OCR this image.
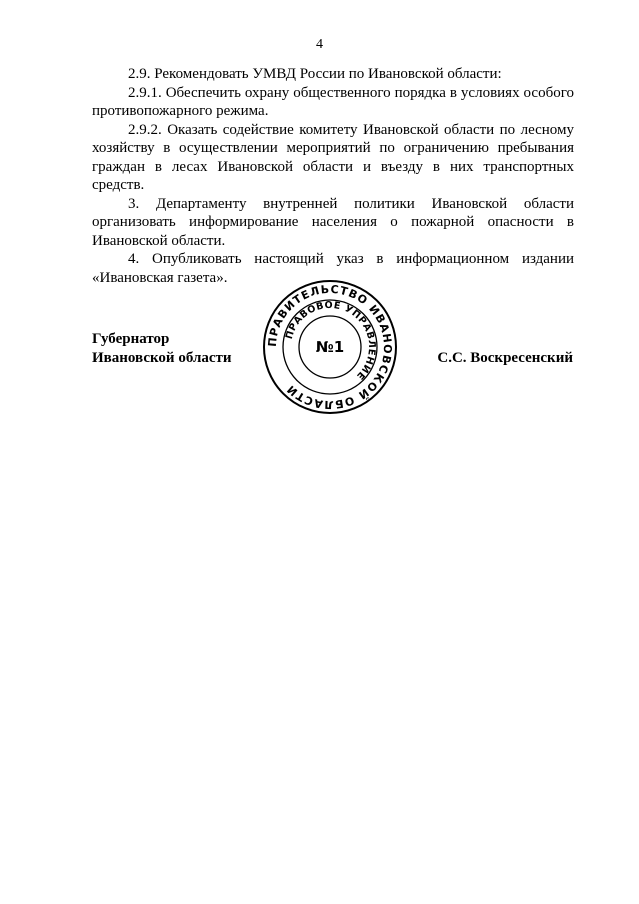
4

2.9. Рекомендовать УМВД России по Ивановской области:

2.9.1. Обеспечить охрану общественного порядка в условиях особого противопожарного режима.

2.9.2. Оказать содействие комитету Ивановской области по лесному хозяйству в осуществлении мероприятий по ограничению пребывания граждан в лесах Ивановской области и въезду в них транспортных средств.

3. Департаменту внутренней политики Ивановской области организовать информирование населения о пожарной опасности в Ивановской области.

4. Опубликовать настоящий указ в информационном издании «Ивановская газета».

Губернатор
Ивановской области
ПРАВИТЕЛЬСТВО ИВАНОВСКОЙ ОБЛАСТИ
ПРАВОВОЕ УПРАВЛЕНИЕ
№1
С.С. Воскресенский
